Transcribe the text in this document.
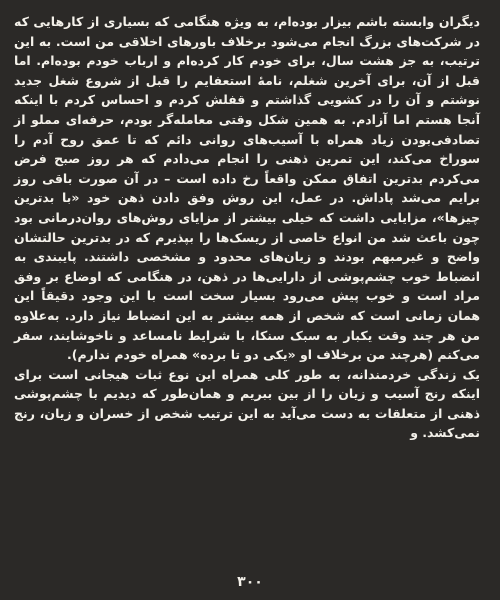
دیگران وابسته باشم بیزار بوده‌ام، به ویژه هنگامی که بسیاری از کارهایی که در شرکت‌های بزرگ انجام می‌شود برخلاف باورهای اخلاقی من است. به این ترتیب، به جز هشت سال، برای خودم کار کرده‌ام و ارباب خودم بوده‌ام. اما قبل از آن، برای آخرین شغلم، نامهٔ استعفایم را قبل از شروع شغل جدید نوشتم و آن را در کشویی گذاشتم و قفلش کردم و احساس کردم با اینکه آنجا هستم اما آزادم. به همین شکل وقتی معامله‌گر بودم، حرفه‌ای مملو از تصادفی‌بودن زیاد همراه با آسیب‌های روانی دائم که تا عمق روح آدم را سوراخ می‌کند، این تمرین ذهنی را انجام می‌دادم که هر روز صبح فرض می‌کردم بدترین اتفاق ممکن واقعاً رخ داده است – در آن صورت باقی روز برایم می‌شد پاداش. در عمل، این روش وفق دادن ذهن خود «با بدترین چیزها»، مزایایی داشت که خیلی بیشتر از مزایای روش‌های روان‌درمانی بود چون باعث شد من انواع خاصی از ریسک‌ها را بپذیرم که در بدترین حالتشان واضح و غیرمبهم بودند و زیان‌های محدود و مشخصی داشتند. پایبندی به انضباط خوب چشم‌پوشی از دارایی‌ها در ذهن، در هنگامی که اوضاع بر وفق مراد است و خوب پیش می‌رود بسیار سخت است با این وجود دقیقاً این همان زمانی است که شخص از همه بیشتر به این انضباط نیاز دارد. به‌علاوه من هر چند وقت یکبار به سبک سنکا، با شرایط نامساعد و ناخوشایند، سفر می‌کنم (هرچند من برخلاف او «یکی دو تا برده» همراه خودم ندارم).

یک زندگی خردمندانه، به طور کلی همراه این نوع ثبات هیجانی است برای اینکه رنج آسیب و زیان را از بین ببریم و همان‌طور که دیدیم با چشم‌پوشی ذهنی از متعلقات به دست می‌آید به این ترتیب شخص از خسران و زیان، رنج نمی‌کشد. و

۳۰۰
